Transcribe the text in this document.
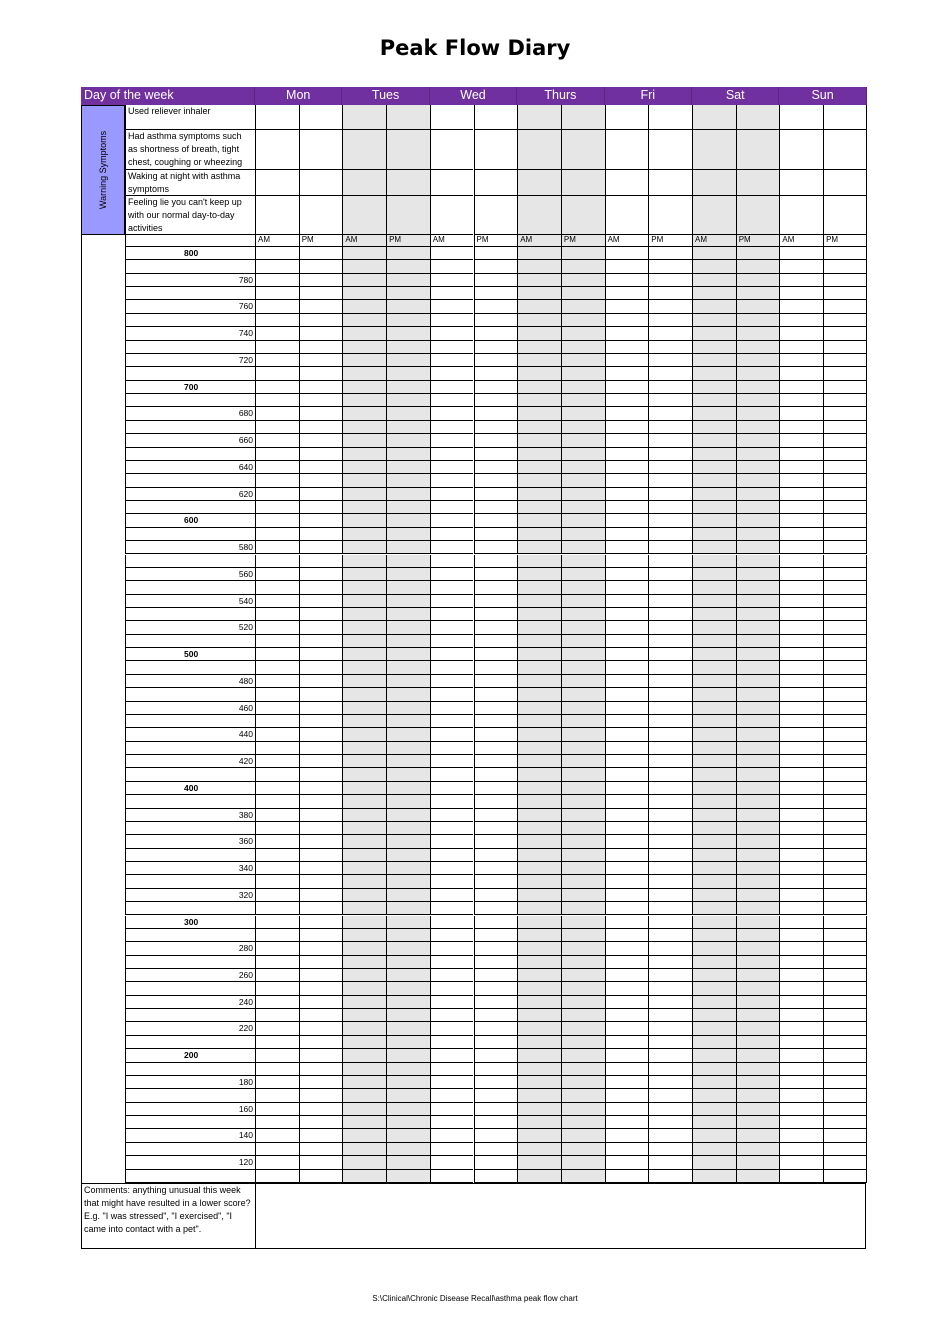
Peak Flow Diary
Day of the week	Mon	Tues	Wed	Thurs	Fri	Sat	Sun
Warning Symptoms
Used reliever inhaler
Had asthma symptoms such as shortness of breath, tight chest, coughing or wheezing
Waking at night with asthma symptoms
Feeling lie you can't keep up with our normal day-to-day activities
AM	PM	AM	PM	AM	PM	AM	PM	AM	PM	AM	PM	AM	PM
800
780
760
740
720
700
680
660
640
620
600
580
560
540
520
500
480
460
440
420
400
380
360
340
320
300
280
260
240
220
200
180
160
140
120
Comments: anything unusual this week that might have resulted in a lower score? E.g. "I was stressed", "I exercised", "I came into contact with a pet".
S:\Clinical\Chronic Disease Recall\asthma peak flow chart
